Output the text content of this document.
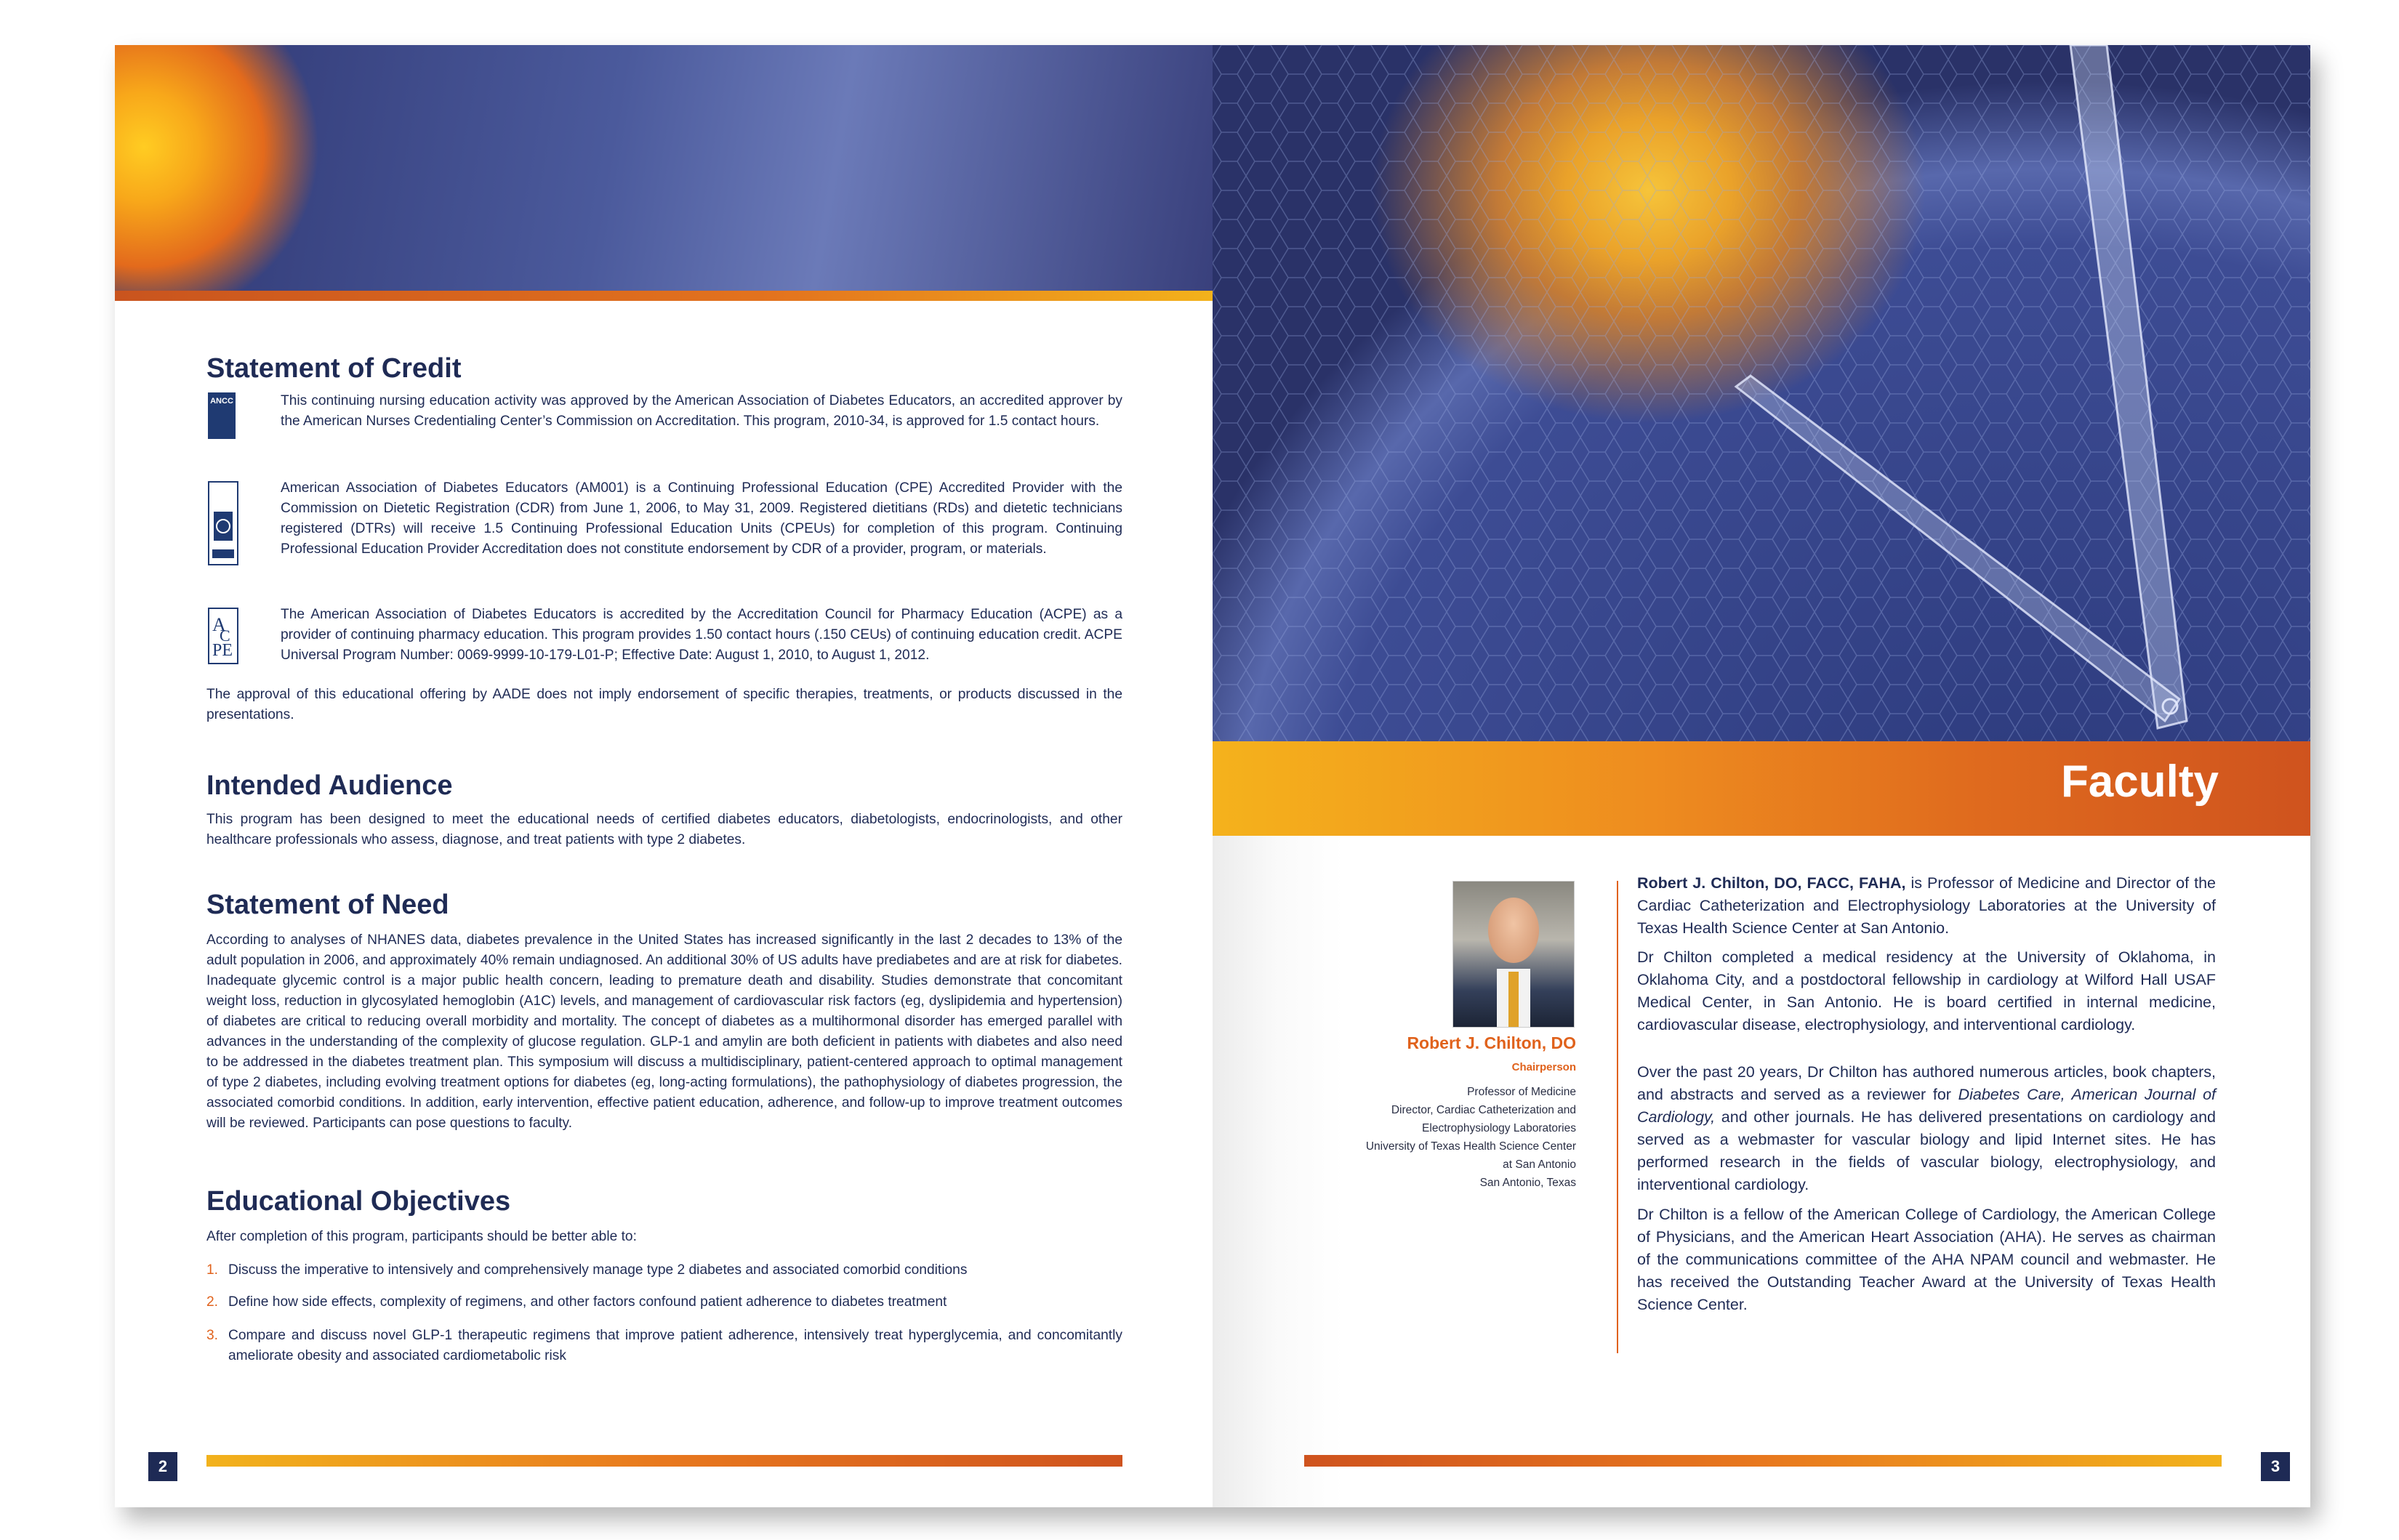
Statement of Credit
ANCC	This continuing nursing education activity was approved by the American Association of Diabetes Educators, an accredited approver by the American Nurses Credentialing Center’s Commission on Accreditation. This program, 2010-34, is approved for 1.5 contact hours.

American Association of Diabetes Educators (AM001) is a Continuing Professional Education (CPE) Accredited Provider with the Commission on Dietetic Registration (CDR) from June 1, 2006, to May 31, 2009. Registered dietitians (RDs) and dietetic technicians registered (DTRs) will receive 1.5 Continuing Professional Education Units (CPEUs) for completion of this program. Continuing Professional Education Provider Accreditation does not constitute endorsement by CDR of a provider, program, or materials.

A
C
PE

The American Association of Diabetes Educators is accredited by the Accreditation Council for Pharmacy Education (ACPE) as a provider of continuing pharmacy education. This program provides 1.50 contact hours (.150 CEUs) of continuing education credit. ACPE Universal Program Number: 0069-9999-10-179-L01-P; Effective Date: August 1, 2010, to August 1, 2012.

The approval of this educational offering by AADE does not imply endorsement of specific therapies, treatments, or products discussed in the presentations.

Intended Audience

This program has been designed to meet the educational needs of certified diabetes educators, diabetologists, endocrinologists, and other healthcare professionals who assess, diagnose, and treat patients with type 2 diabetes.

Statement of Need

According to analyses of NHANES data, diabetes prevalence in the United States has increased significantly in the last 2 decades to 13% of the adult population in 2006, and approximately 40% remain undiagnosed. An additional 30% of US adults have prediabetes and are at risk for diabetes. Inadequate glycemic control is a major public health concern, leading to premature death and disability. Studies demonstrate that concomitant weight loss, reduction in glycosylated hemoglobin (A1C) levels, and management of cardiovascular risk factors (eg, dyslipidemia and hypertension) of diabetes are critical to reducing overall morbidity and mortality. The concept of diabetes as a multihormonal disorder has emerged parallel with advances in the understanding of the complexity of glucose regulation. GLP-1 and amylin are both deficient in patients with diabetes and also need to be addressed in the diabetes treatment plan. This symposium will discuss a multidisciplinary, patient-centered approach to optimal management of type 2 diabetes, including evolving treatment options for diabetes (eg, long-acting formulations), the pathophysiology of diabetes progression, the associated comorbid conditions. In addition, early intervention, effective patient education, adherence, and follow-up to improve treatment outcomes will be reviewed. Participants can pose questions to faculty.

Educational Objectives

After completion of this program, participants should be better able to:

1. Discuss the imperative to intensively and comprehensively manage type 2 diabetes and associated comorbid conditions
2. Define how side effects, complexity of regimens, and other factors confound patient adherence to diabetes treatment
3. Compare and discuss novel GLP-1 therapeutic regimens that improve patient adherence, intensively treat hyperglycemia, and concomitantly ameliorate obesity and associated cardiometabolic risk
2
Faculty

Robert J. Chilton, DO

Chairperson
Professor of Medicine
Director, Cardiac Catheterization and
Electrophysiology Laboratories
University of Texas Health Science Center
at San Antonio
San Antonio, Texas

Robert J. Chilton, DO, FACC, FAHA, is Professor of Medicine and Director of the Cardiac Catheterization and Electrophysiology Laboratories at the University of Texas Health Science Center at San Antonio.

Dr Chilton completed a medical residency at the University of Oklahoma, in Oklahoma City, and a postdoctoral fellowship in cardiology at Wilford Hall USAF Medical Center, in San Antonio. He is board certified in internal medicine, cardiovascular disease, electrophysiology, and interventional cardiology.

Over the past 20 years, Dr Chilton has authored numerous articles, book chapters, and abstracts and served as a reviewer for Diabetes Care, American Journal of Cardiology, and other journals. He has delivered presentations on cardiology and served as a webmaster for vascular biology and lipid Internet sites. He has performed research in the fields of vascular biology, electrophysiology, and interventional cardiology.

Dr Chilton is a fellow of the American College of Cardiology, the American College of Physicians, and the American Heart Association (AHA). He serves as chairman of the communications committee of the AHA NPAM council and webmaster. He has received the Outstanding Teacher Award at the University of Texas Health Science Center.

3
